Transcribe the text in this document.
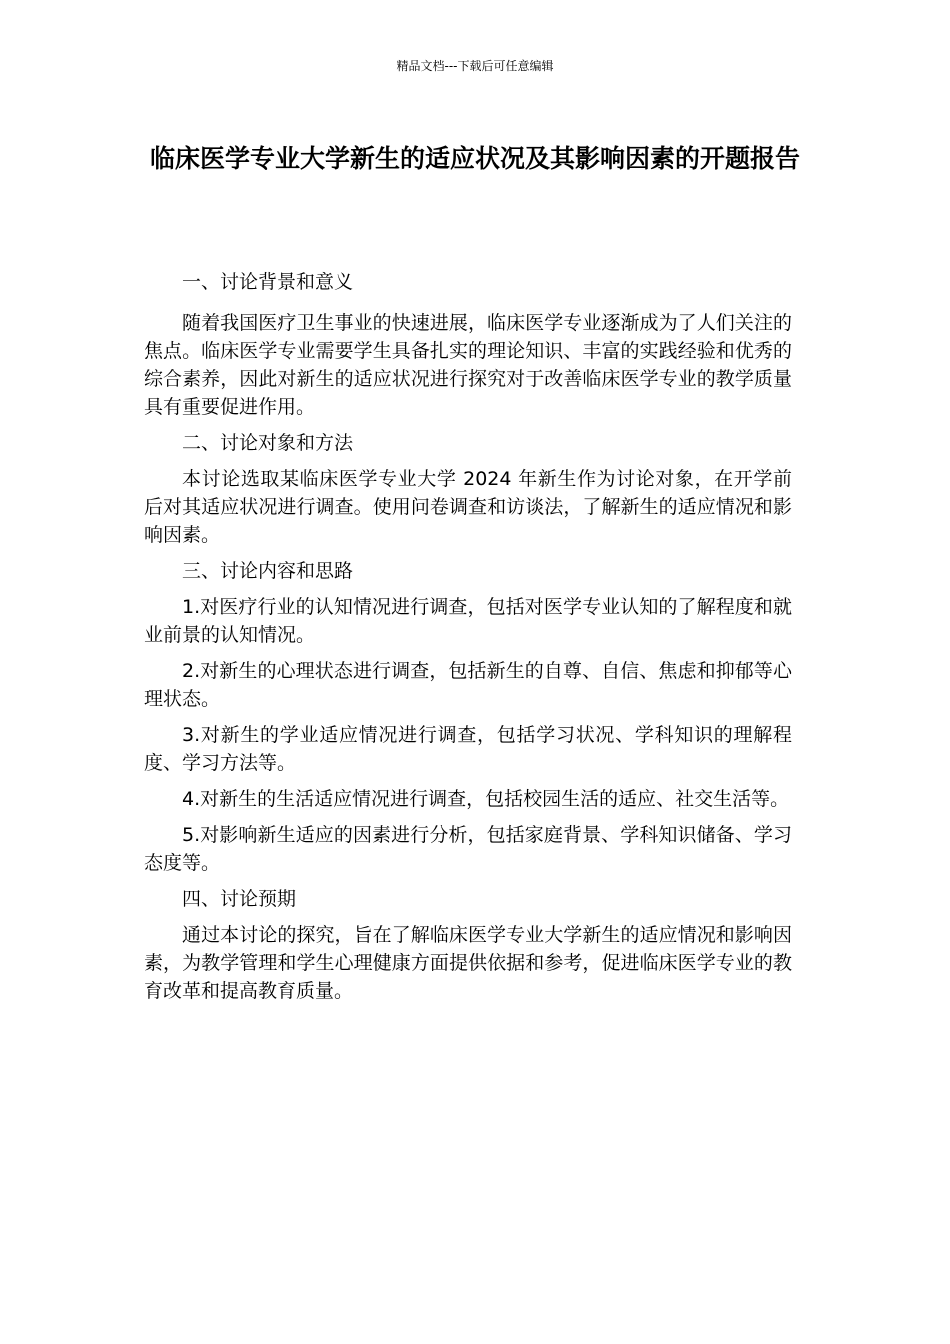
精品文档---下载后可任意编辑
临床医学专业大学新生的适应状况及其影响因素的开题报告

一、讨论背景和意义

随着我国医疗卫生事业的快速进展，临床医学专业逐渐成为了人们关注的焦点。临床医学专业需要学生具备扎实的理论知识、丰富的实践经验和优秀的综合素养，因此对新生的适应状况进行探究对于改善临床医学专业的教学质量具有重要促进作用。

二、讨论对象和方法

本讨论选取某临床医学专业大学 2024 年新生作为讨论对象，在开学前后对其适应状况进行调查。使用问卷调查和访谈法，了解新生的适应情况和影响因素。

三、讨论内容和思路

1.对医疗行业的认知情况进行调查，包括对医学专业认知的了解程度和就业前景的认知情况。

2.对新生的心理状态进行调查，包括新生的自尊、自信、焦虑和抑郁等心理状态。

3.对新生的学业适应情况进行调查，包括学习状况、学科知识的理解程度、学习方法等。

4.对新生的生活适应情况进行调查，包括校园生活的适应、社交生活等。

5.对影响新生适应的因素进行分析，包括家庭背景、学科知识储备、学习态度等。

四、讨论预期

通过本讨论的探究，旨在了解临床医学专业大学新生的适应情况和影响因素，为教学管理和学生心理健康方面提供依据和参考，促进临床医学专业的教育改革和提高教育质量。
